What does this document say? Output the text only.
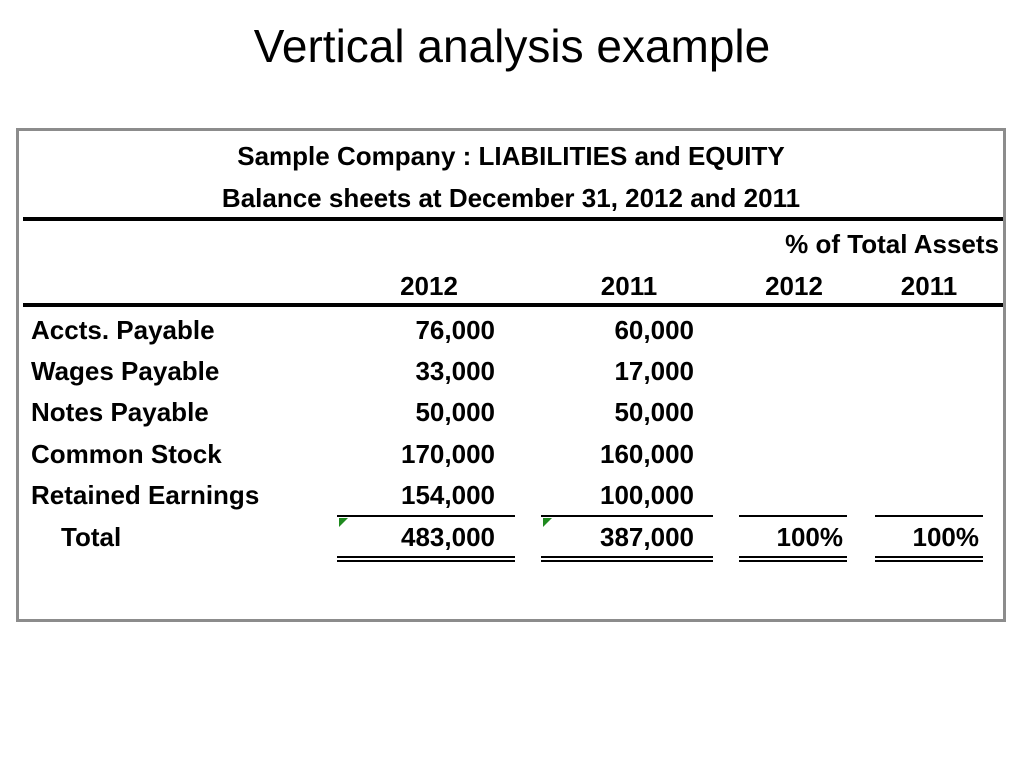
Vertical analysis example
Sample Company : LIABILITIES and EQUITY
Balance sheets at December 31, 2012 and 2011
% of Total Assets
2012	2011	2012	2011
Accts. Payable	76,000	60,000
Wages Payable	33,000	17,000
Notes Payable	50,000	50,000
Common Stock	170,000	160,000
Retained Earnings	154,000	100,000
Total	483,000	387,000	100%	100%
